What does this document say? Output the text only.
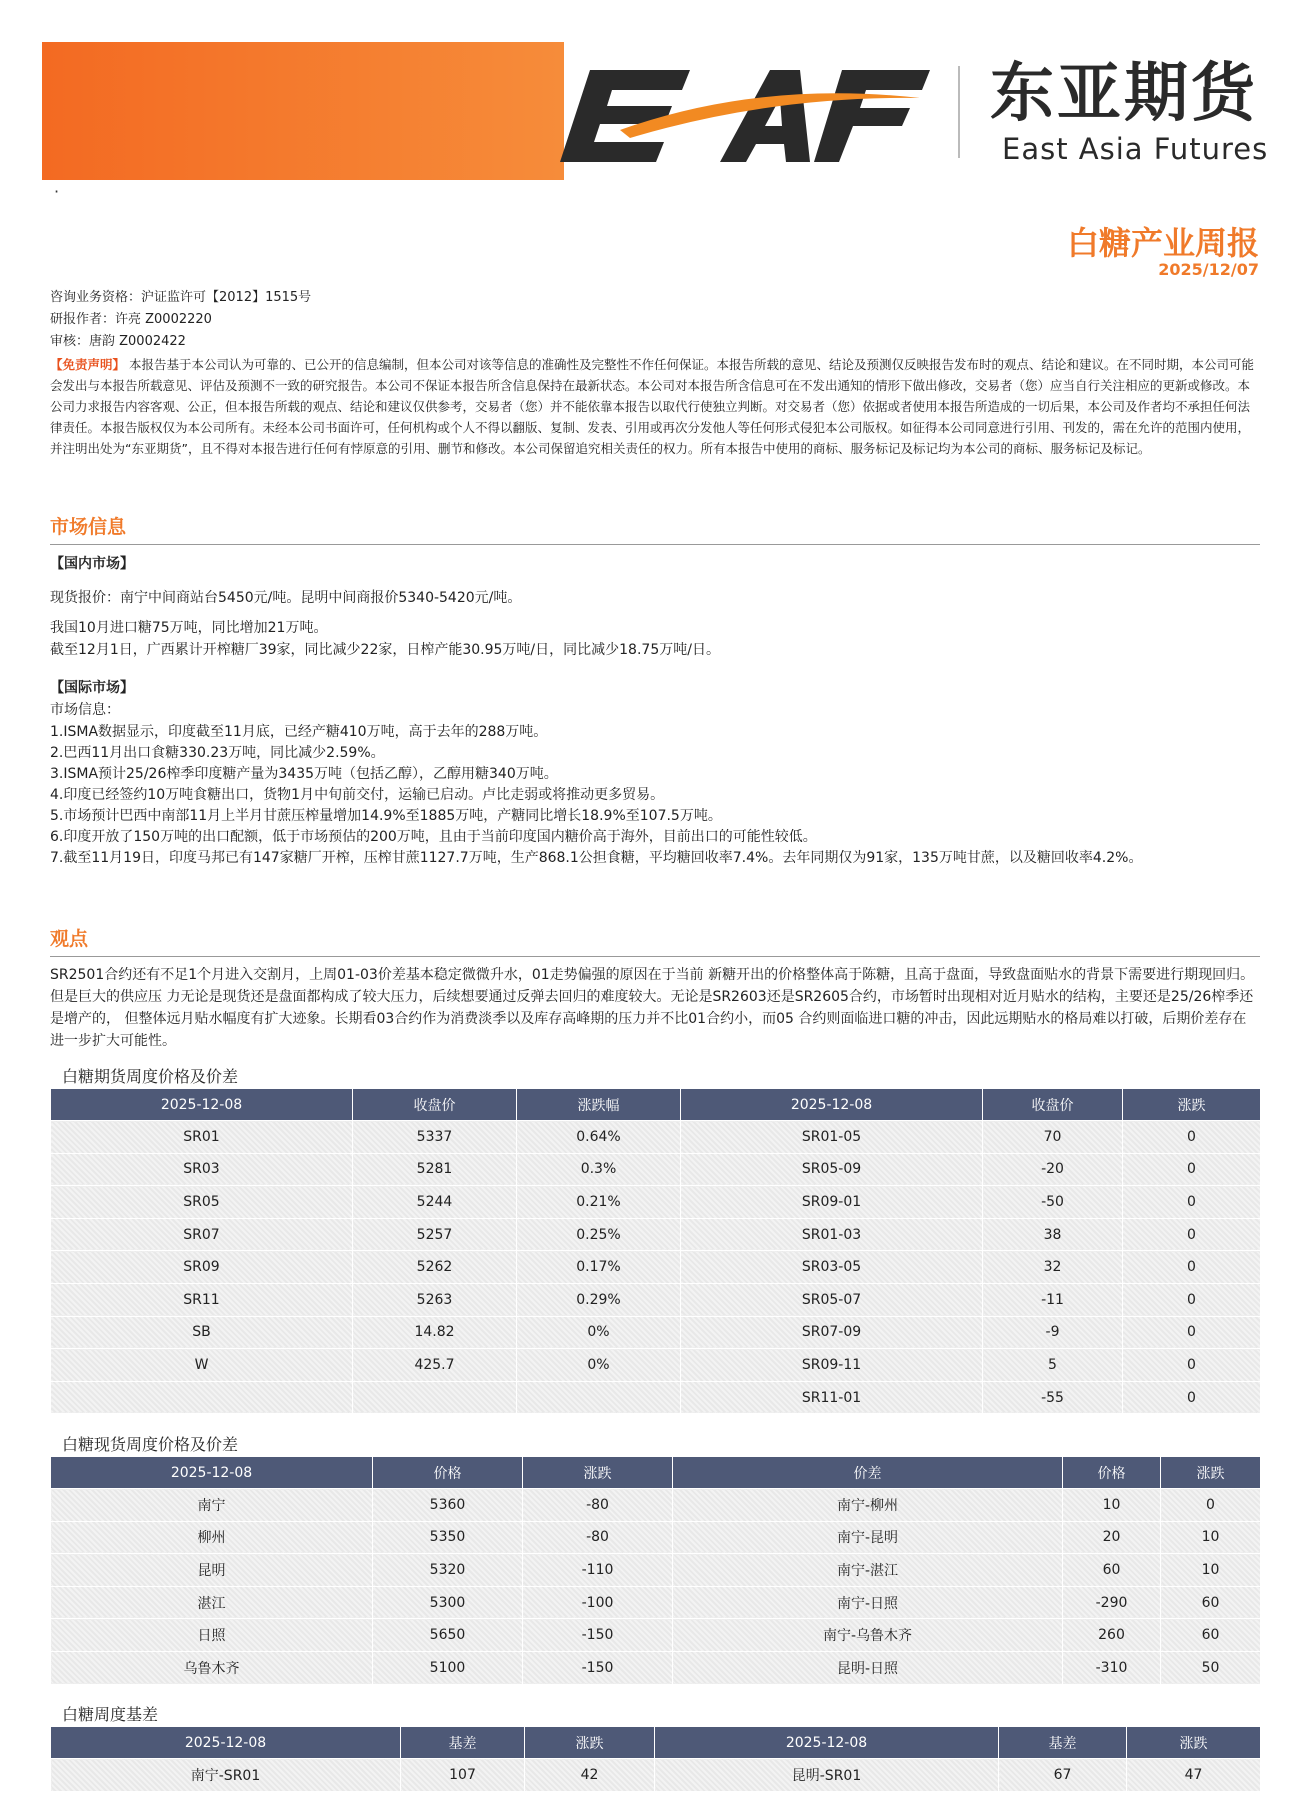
东亚期货
East Asia Futures
·
白糖产业周报
2025/12/07
咨询业务资格：沪证监许可【2012】1515号
研报作者：许亮 Z0002220
审核：唐韵 Z0002422
【免责声明】 本报告基于本公司认为可靠的、已公开的信息编制，但本公司对该等信息的准确性及完整性不作任何保证。本报告所载的意见、结论及预测仅反映报告发布时的观点、结论和建议。在不同时期，本公司可能会发出与本报告所载意见、评估及预测不一致的研究报告。本公司不保证本报告所含信息保持在最新状态。本公司对本报告所含信息可在不发出通知的情形下做出修改，交易者（您）应当自行关注相应的更新或修改。本公司力求报告内容客观、公正，但本报告所载的观点、结论和建议仅供参考，交易者（您）并不能依靠本报告以取代行使独立判断。对交易者（您）依据或者使用本报告所造成的一切后果，本公司及作者均不承担任何法律责任。本报告版权仅为本公司所有。未经本公司书面许可，任何机构或个人不得以翻版、复制、发表、引用或再次分发他人等任何形式侵犯本公司版权。如征得本公司同意进行引用、刊发的，需在允许的范围内使用，并注明出处为“东亚期货”，且不得对本报告进行任何有悖原意的引用、删节和修改。本公司保留追究相关责任的权力。所有本报告中使用的商标、服务标记及标记均为本公司的商标、服务标记及标记。
市场信息
【国内市场】
现货报价：南宁中间商站台5450元/吨。昆明中间商报价5340-5420元/吨。
我国10月进口糖75万吨，同比增加21万吨。
截至12月1日，广西累计开榨糖厂39家，同比减少22家，日榨产能30.95万吨/日，同比减少18.75万吨/日。
【国际市场】
市场信息：
1.ISMA数据显示，印度截至11月底，已经产糖410万吨，高于去年的288万吨。
2.巴西11月出口食糖330.23万吨，同比减少2.59%。
3.ISMA预计25/26榨季印度糖产量为3435万吨（包括乙醇），乙醇用糖340万吨。
4.印度已经签约10万吨食糖出口，货物1月中旬前交付，运输已启动。卢比走弱或将推动更多贸易。
5.市场预计巴西中南部11月上半月甘蔗压榨量增加14.9%至1885万吨，产糖同比增长18.9%至107.5万吨。
6.印度开放了150万吨的出口配额，低于市场预估的200万吨，且由于当前印度国内糖价高于海外，目前出口的可能性较低。
7.截至11月19日，印度马邦已有147家糖厂开榨，压榨甘蔗1127.7万吨，生产868.1公担食糖，平均糖回收率7.4%。去年同期仅为91家，135万吨甘蔗，以及糖回收率4.2%。
观点
SR2501合约还有不足1个月进入交割月，上周01-03价差基本稳定微微升水，01走势偏强的原因在于当前 新糖开出的价格整体高于陈糖，且高于盘面，导致盘面贴水的背景下需要进行期现回归。但是巨大的供应压 力无论是现货还是盘面都构成了较大压力，后续想要通过反弹去回归的难度较大。无论是SR2603还是SR2605合约，市场暂时出现相对近月贴水的结构，主要还是25/26榨季还是增产的， 但整体远月贴水幅度有扩大迹象。长期看03合约作为消费淡季以及库存高峰期的压力并不比01合约小，而05 合约则面临进口糖的冲击，因此远期贴水的格局难以打破，后期价差存在进一步扩大可能性。
白糖期货周度价格及价差
2025-12-08	收盘价	涨跌幅	2025-12-08	收盘价	涨跌
SR01	5337	0.64%	SR01-05	70	0
SR03	5281	0.3%	SR05-09	-20	0
SR05	5244	0.21%	SR09-01	-50	0
SR07	5257	0.25%	SR01-03	38	0
SR09	5262	0.17%	SR03-05	32	0
SR11	5263	0.29%	SR05-07	-11	0
SB	14.82	0%	SR07-09	-9	0
W	425.7	0%	SR09-11	5	0
			SR11-01	-55	0
白糖现货周度价格及价差
2025-12-08	价格	涨跌	价差	价格	涨跌
南宁	5360	-80	南宁-柳州	10	0
柳州	5350	-80	南宁-昆明	20	10
昆明	5320	-110	南宁-湛江	60	10
湛江	5300	-100	南宁-日照	-290	60
日照	5650	-150	南宁-乌鲁木齐	260	60
乌鲁木齐	5100	-150	昆明-日照	-310	50
白糖周度基差
2025-12-08	基差	涨跌	2025-12-08	基差	涨跌
南宁-SR01	107	42	昆明-SR01	67	47
